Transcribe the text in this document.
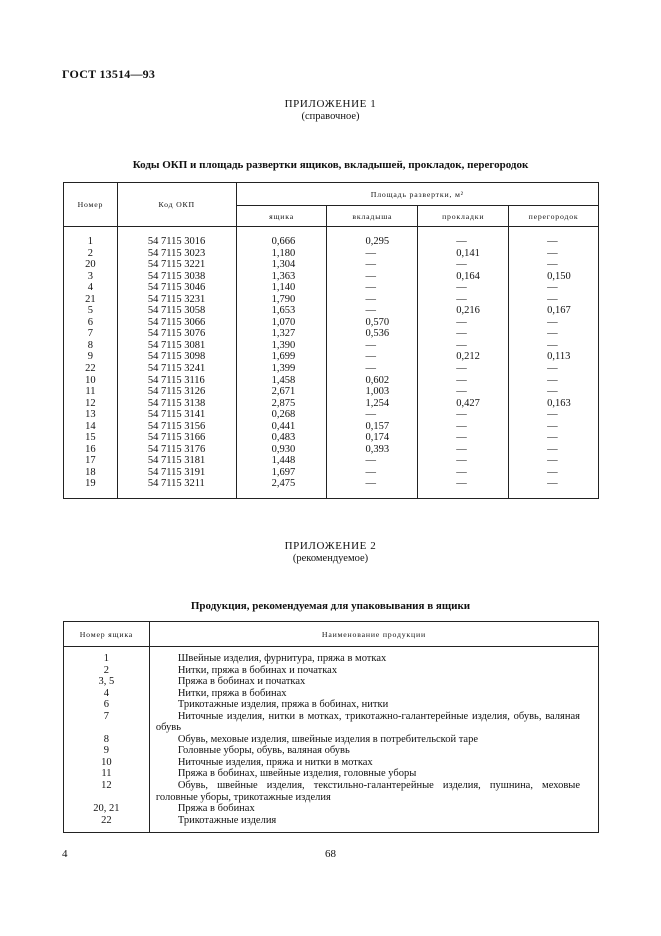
ГОСТ 13514—93
ПРИЛОЖЕНИЕ 1
(справочное)
Коды ОКП и площадь развертки ящиков, вкладышей, прокладок, перегородок
Номер	Код ОКП	Площадь развертки, м²			
		ящика	вкладыша	прокладки	перегородок
1	54 7115 3016	0,666	0,295	—	—
2	54 7115 3023	1,180	—	0,141	—
20	54 7115 3221	1,304	—	—	—
3	54 7115 3038	1,363	—	0,164	0,150
4	54 7115 3046	1,140	—	—	—
21	54 7115 3231	1,790	—	—	—
5	54 7115 3058	1,653	—	0,216	0,167
6	54 7115 3066	1,070	0,570	—	—
7	54 7115 3076	1,327	0,536	—	—
8	54 7115 3081	1,390	—	—	—
9	54 7115 3098	1,699	—	0,212	0,113
22	54 7115 3241	1,399	—	—	—
10	54 7115 3116	1,458	0,602	—	—
11	54 7115 3126	2,671	1,003	—	—
12	54 7115 3138	2,875	1,254	0,427	0,163
13	54 7115 3141	0,268	—	—	—
14	54 7115 3156	0,441	0,157	—	—
15	54 7115 3166	0,483	0,174	—	—
16	54 7115 3176	0,930	0,393	—	—
17	54 7115 3181	1,448	—	—	—
18	54 7115 3191	1,697	—	—	—
19	54 7115 3211	2,475	—	—	—
ПРИЛОЖЕНИЕ 2
(рекомендуемое)
Продукция, рекомендуемая для упаковывания в ящики
Номер ящика	Наименование продукции
1	Швейные изделия, фурнитура, пряжа в мотках
2	Нитки, пряжа в бобинах и початках
3, 5	Пряжа в бобинах и початках
4	Нитки, пряжа в бобинах
6	Трикотажные изделия, пряжа в бобинах, нитки
7	Ниточные изделия, нитки в мотках, трикотажно-галантерейные изделия, обувь, валяная обувь
8	Обувь, меховые изделия, швейные изделия в потребительской таре
9	Головные уборы, обувь, валяная обувь
10	Ниточные изделия, пряжа и нитки в мотках
11	Пряжа в бобинах, швейные изделия, головные уборы
12	Обувь, швейные изделия, текстильно-галантерейные изделия, пушнина, меховые головные уборы, трикотажные изделия
20, 21	Пряжа в бобинах
22	Трикотажные изделия
4	68
